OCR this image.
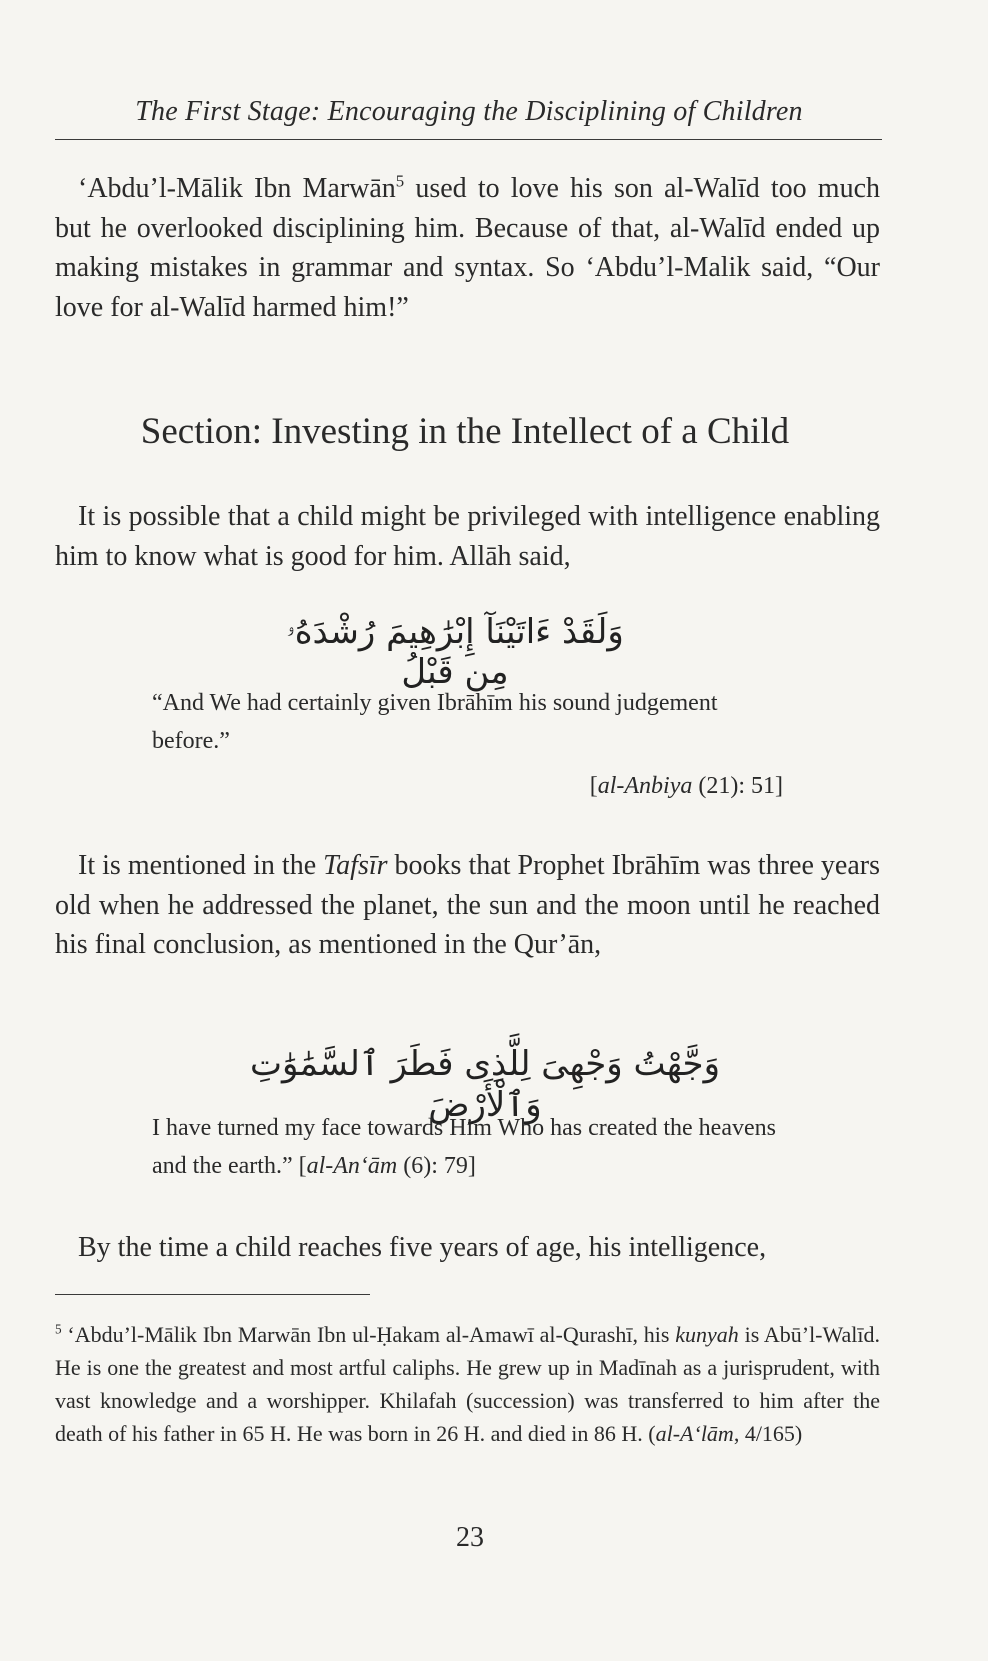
The First Stage: Encouraging the Disciplining of Children

‘Abdu’l-Mālik Ibn Marwān$^5$ used to love his son al-Walīd too much but he overlooked disciplining him. Because of that, al-Walīd ended up making mistakes in grammar and syntax. So ‘Abdu’l-Malik said, “Our love for al-Walīd harmed him!”

Section: Investing in the Intellect of a Child

It is possible that a child might be privileged with intelligence enabling him to know what is good for him. Allāh said,

وَلَقَدْ ءَاتَيْنَآ إِبْرَٰهِيمَ رُشْدَهُۥ مِن قَبْلُ

“And We had certainly given Ibrāhīm his sound judgement before.”

[al-Anbiya (21): 51]

It is mentioned in the Tafsīr books that Prophet Ibrāhīm was three years old when he addressed the planet, the sun and the moon until he reached his final conclusion, as mentioned in the Qur’ān,

وَجَّهْتُ وَجْهِىَ لِلَّذِى فَطَرَ ٱلسَّمَٰوَٰتِ وَٱلْأَرْضَ

I have turned my face towards Him Who has created the heavens and the earth.” [al-An‘ām (6): 79]

By the time a child reaches five years of age, his intelligence,

$^5$ ‘Abdu’l-Mālik Ibn Marwān Ibn ul-Ḥakam al-Amawī al-Qurashī, his kunyah is Abū’l-Walīd. He is one the greatest and most artful caliphs. He grew up in Madīnah as a jurisprudent, with vast knowledge and a worshipper. Khilafah (succession) was transferred to him after the death of his father in 65 H. He was born in 26 H. and died in 86 H. (al-A‘lām, 4/165)

23
